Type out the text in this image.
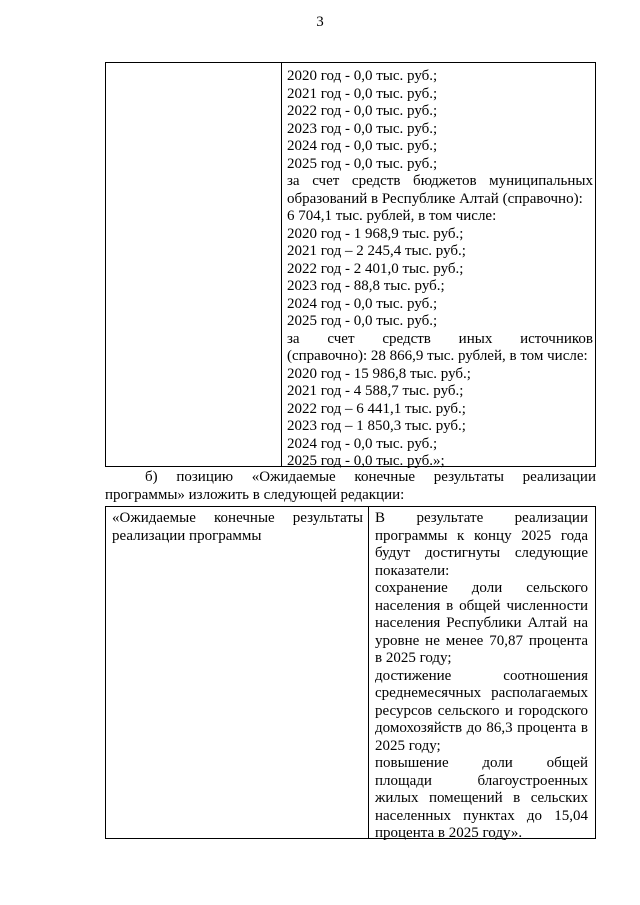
3
2020 год - 0,0 тыс. руб.;
2021 год - 0,0 тыс. руб.;
2022 год - 0,0 тыс. руб.;
2023 год - 0,0 тыс. руб.;
2024 год - 0,0 тыс. руб.;
2025 год - 0,0 тыс. руб.;
за счет средств бюджетов муниципальных
образований в Республике Алтай (справочно):
6 704,1 тыс. рублей, в том числе:
2020 год - 1 968,9 тыс. руб.;
2021 год – 2 245,4 тыс. руб.;
2022 год - 2 401,0 тыс. руб.;
2023 год - 88,8 тыс. руб.;
2024 год - 0,0 тыс. руб.;
2025 год - 0,0 тыс. руб.;
за счет средств иных источников
(справочно): 28 866,9 тыс. рублей, в том числе:
2020 год - 15 986,8 тыс. руб.;
2021 год - 4 588,7 тыс. руб.;
2022 год – 6 441,1 тыс. руб.;
2023 год – 1 850,3 тыс. руб.;
2024 год - 0,0 тыс. руб.;
2025 год - 0,0 тыс. руб.»;
б) позицию «Ожидаемые конечные результаты реализации
программы» изложить в следующей редакции:
«Ожидаемые конечные результаты
реализации программы
В результате реализации
программы к концу 2025 года
будут достигнуты следующие
показатели:
сохранение доли сельского
населения в общей численности
населения Республики Алтай на
уровне не менее 70,87 процента
в 2025 году;
достижение соотношения
среднемесячных располагаемых
ресурсов сельского и городского
домохозяйств до 86,3 процента в
2025 году;
повышение доли общей
площади благоустроенных
жилых помещений в сельских
населенных пунктах до 15,04
процента в 2025 году».
